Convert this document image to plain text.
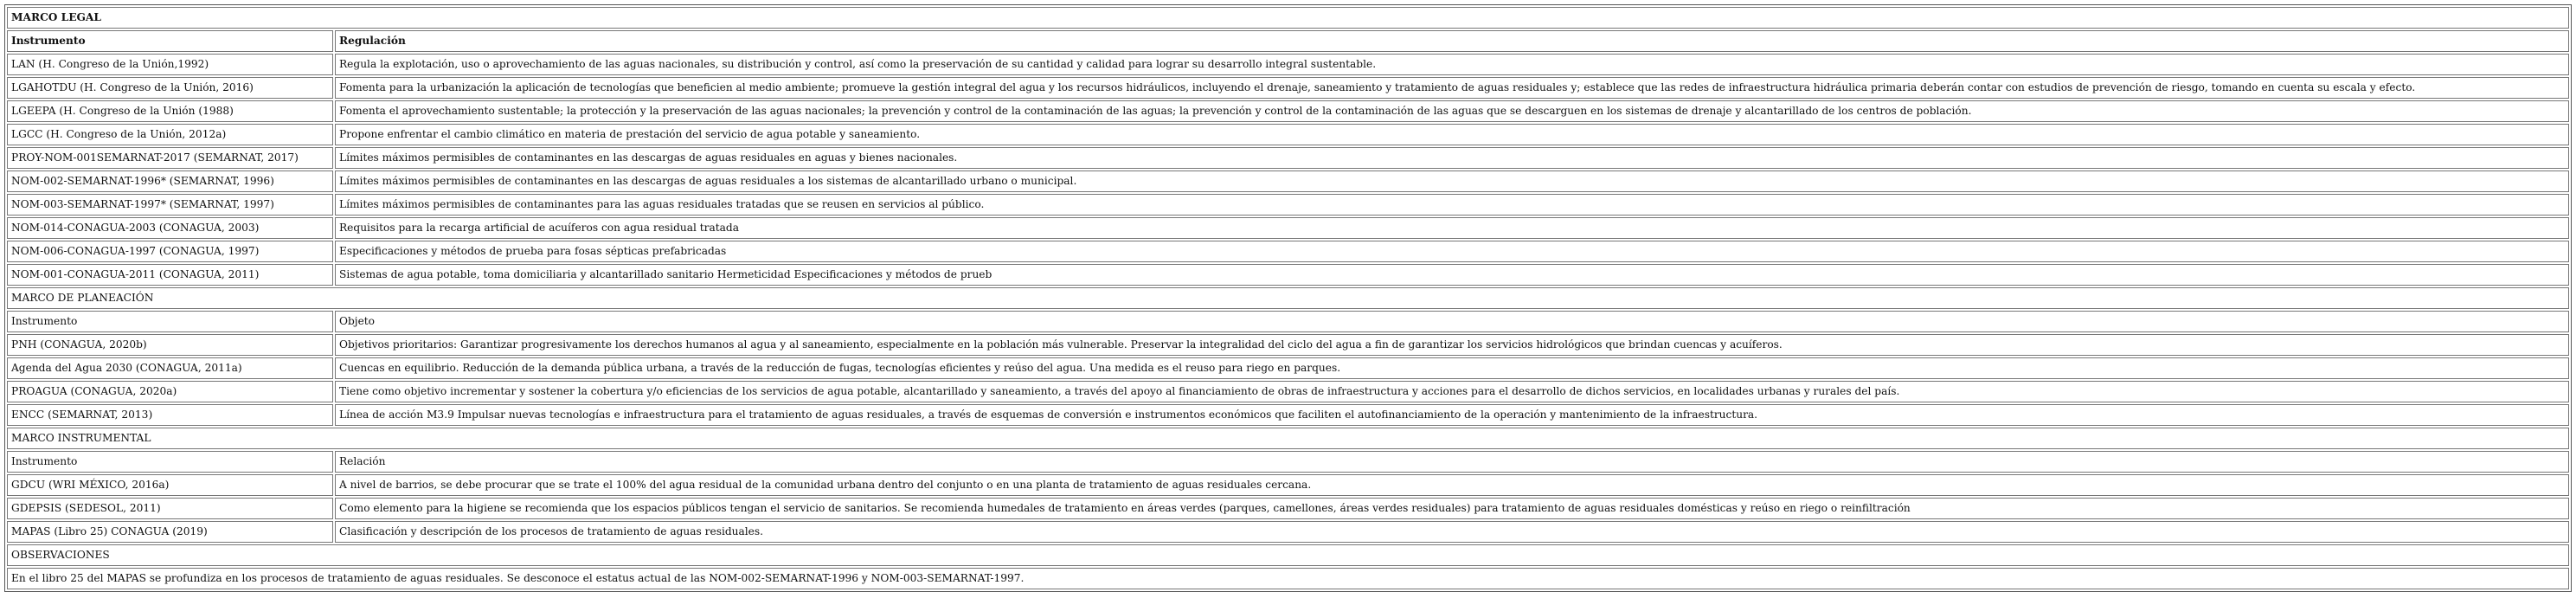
MARCO LEGAL	
Instrumento	Regulación
LAN (H. Congreso de la Unión,1992)	Regula la explotación, uso o aprovechamiento de las aguas nacionales, su distribución y control, así como la preservación de su cantidad y calidad para lograr su desarrollo integral sustentable.
LGAHOTDU (H. Congreso de la Unión, 2016)	Fomenta para la urbanización la aplicación de tecnologías que beneficien al medio ambiente; promueve la gestión integral del agua y los recursos hidráulicos, incluyendo el drenaje, saneamiento y tratamiento de aguas residuales y; establece que las redes de infraestructura hidráulica primaria deberán contar con estudios de prevención de riesgo, tomando en cuenta su escala y efecto.
LGEEPA (H. Congreso de la Unión (1988)	Fomenta el aprovechamiento sustentable; la protección y la preservación de las aguas nacionales; la prevención y control de la contaminación de las aguas; la prevención y control de la contaminación de las aguas que se descarguen en los sistemas de drenaje y alcantarillado de los centros de población.
LGCC (H. Congreso de la Unión, 2012a)	Propone enfrentar el cambio climático en materia de prestación del servicio de agua potable y saneamiento.
PROY-NOM-001SEMARNAT-2017 (SEMARNAT, 2017)	Límites máximos permisibles de contaminantes en las descargas de aguas residuales en aguas y bienes nacionales.
NOM-002-SEMARNAT-1996* (SEMARNAT, 1996)	Límites máximos permisibles de contaminantes en las descargas de aguas residuales a los sistemas de alcantarillado urbano o municipal.
NOM-003-SEMARNAT-1997* (SEMARNAT, 1997)	Límites máximos permisibles de contaminantes para las aguas residuales tratadas que se reusen en servicios al público.
NOM-014-CONAGUA-2003 (CONAGUA, 2003)	Requisitos para la recarga artificial de acuíferos con agua residual tratada
NOM-006-CONAGUA-1997 (CONAGUA, 1997)	Especificaciones y métodos de prueba para fosas sépticas prefabricadas
NOM-001-CONAGUA-2011 (CONAGUA, 2011)	Sistemas de agua potable, toma domiciliaria y alcantarillado sanitario Hermeticidad Especificaciones y métodos de prueb
MARCO DE PLANEACIÓN	
Instrumento	Objeto
PNH (CONAGUA, 2020b)	Objetivos prioritarios: Garantizar progresivamente los derechos humanos al agua y al saneamiento, especialmente en la población más vulnerable. Preservar la integralidad del ciclo del agua a fin de garantizar los servicios hidrológicos que brindan cuencas y acuíferos.
Agenda del Agua 2030 (CONAGUA, 2011a)	Cuencas en equilibrio. Reducción de la demanda pública urbana, a través de la reducción de fugas, tecnologías eficientes y reúso del agua. Una medida es el reuso para riego en parques.
PROAGUA (CONAGUA, 2020a)	Tiene como objetivo incrementar y sostener la cobertura y/o eficiencias de los servicios de agua potable, alcantarillado y saneamiento, a través del apoyo al financiamiento de obras de infraestructura y acciones para el desarrollo de dichos servicios, en localidades urbanas y rurales del país.
ENCC (SEMARNAT, 2013)	Línea de acción M3.9 Impulsar nuevas tecnologías e infraestructura para el tratamiento de aguas residuales, a través de esquemas de conversión e instrumentos económicos que faciliten el autofinanciamiento de la operación y mantenimiento de la infraestructura.
MARCO INSTRUMENTAL	
Instrumento	Relación
GDCU (WRI MÉXICO, 2016a)	A nivel de barrios, se debe procurar que se trate el 100% del agua residual de la comunidad urbana dentro del conjunto o en una planta de tratamiento de aguas residuales cercana.
GDEPSIS (SEDESOL, 2011)	Como elemento para la higiene se recomienda que los espacios públicos tengan el servicio de sanitarios. Se recomienda humedales de tratamiento en áreas verdes (parques, camellones, áreas verdes residuales) para tratamiento de aguas residuales domésticas y reúso en riego o reinfiltración
MAPAS (Libro 25) CONAGUA (2019)	Clasificación y descripción de los procesos de tratamiento de aguas residuales.
OBSERVACIONES	
En el libro 25 del MAPAS se profundiza en los procesos de tratamiento de aguas residuales. Se desconoce el estatus actual de las NOM-002-SEMARNAT-1996 y NOM-003-SEMARNAT-1997.	
